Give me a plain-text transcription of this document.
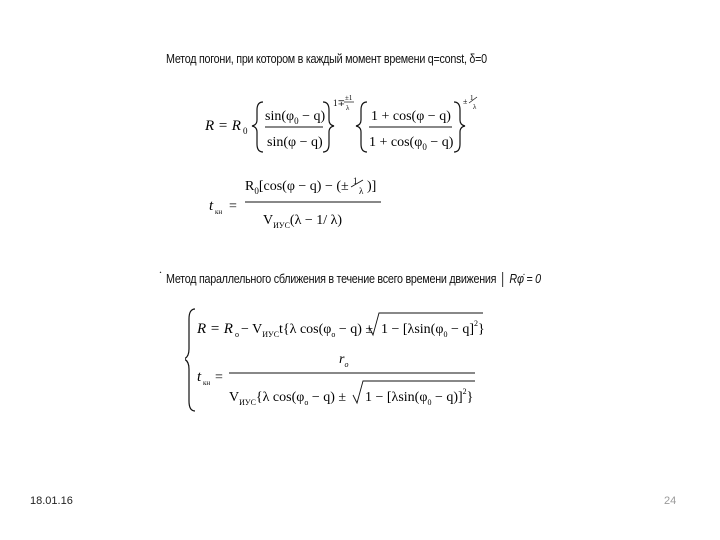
Метод погони, при котором в каждый момент времени q=const, δ=0
R = R 0
$\sin(\varphi_0 - q)$
sin(φ − q)
1∓ ±1
λ
·
1 + cos(φ − q)
$1 + \cos(\varphi_0 - q)$
± 1
λ
t кн =
$R_0[\cos(\varphi - q)$ − (± 1
λ )]
$V_{ИУС}(\lambda - 1/$ λ)
.
Метод параллельного сближения в течение всего времени движения Rφ̇ = 0
R = R $o - V_{ИУС}t\{\lambda$ $\cos(\varphi_o - q) \pm 1 - [\lambda\sin(\varphi_0 - q]^2\}$
t кн =
$r_o$
$V_{ИУС}\{\lambda$ $\cos(\varphi_o - q) \pm 1 - [\lambda\sin(\varphi_0 - q)]^2$}
18.01.16	24
